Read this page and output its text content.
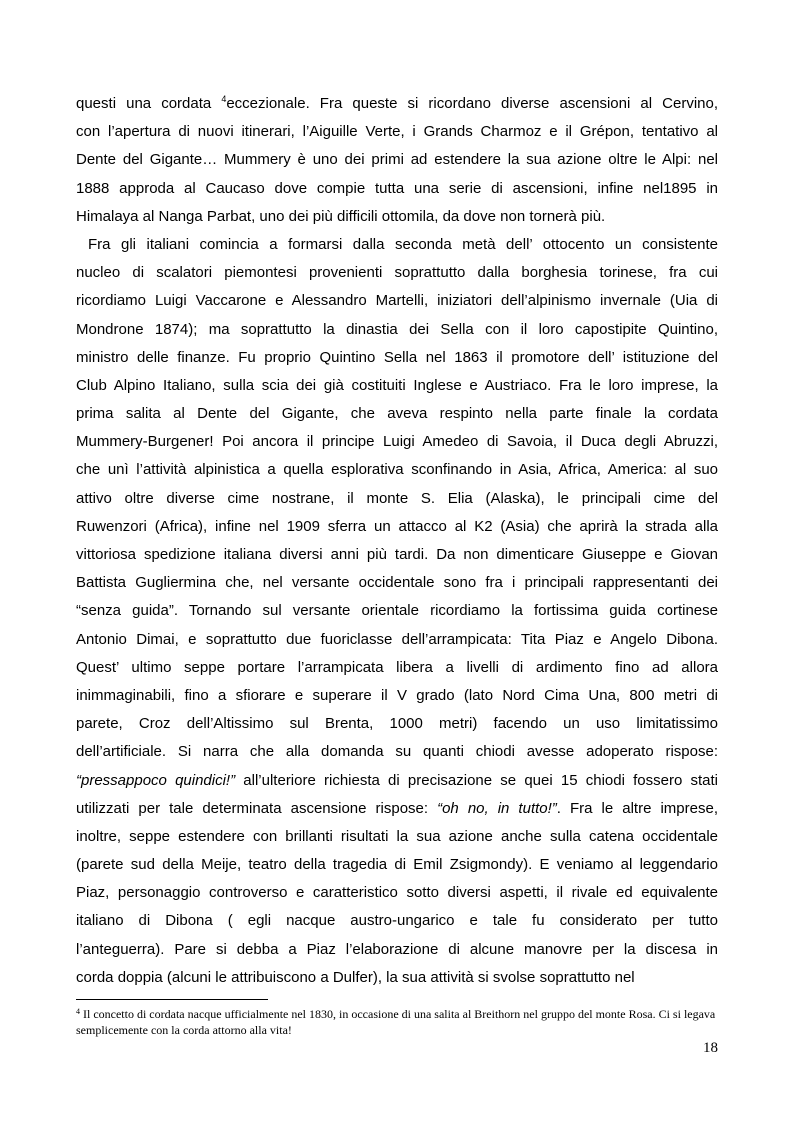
questi una cordata $^4$eccezionale. Fra queste si ricordano diverse ascensioni al Cervino,
con l’apertura di nuovi itinerari, l’Aiguille Verte, i Grands Charmoz e il Grépon, tentativo al
Dente del Gigante… Mummery è uno dei primi ad estendere la sua azione oltre le Alpi: nel
1888 approda al Caucaso dove compie tutta una serie di ascensioni, infine nel1895 in
Himalaya al Nanga Parbat, uno dei più difficili ottomila, da dove non tornerà più.
Fra gli italiani comincia a formarsi dalla seconda metà dell’ ottocento un consistente
nucleo di scalatori piemontesi provenienti soprattutto dalla borghesia torinese, fra cui
ricordiamo Luigi Vaccarone e Alessandro Martelli, iniziatori dell’alpinismo invernale (Uia di
Mondrone 1874); ma soprattutto la dinastia dei Sella con il loro capostipite Quintino,
ministro delle finanze. Fu proprio Quintino Sella nel 1863 il promotore dell’ istituzione del
Club Alpino Italiano, sulla scia dei già costituiti Inglese e Austriaco. Fra le loro imprese, la
prima salita al Dente del Gigante, che aveva respinto nella parte finale la cordata
Mummery-Burgener! Poi ancora il principe Luigi Amedeo di Savoia, il Duca degli Abruzzi,
che unì l’attività alpinistica a quella esplorativa sconfinando in Asia, Africa, America: al suo
attivo oltre diverse cime nostrane, il monte S. Elia (Alaska), le principali cime del
Ruwenzori (Africa), infine nel 1909 sferra un attacco al K2 (Asia) che aprirà la strada alla
vittoriosa spedizione italiana diversi anni più tardi. Da non dimenticare Giuseppe e Giovan
Battista Gugliermina che, nel versante occidentale sono fra i principali rappresentanti dei
“senza guida”. Tornando sul versante orientale ricordiamo la fortissima guida cortinese
Antonio Dimai, e soprattutto due fuoriclasse dell’arrampicata: Tita Piaz e Angelo Dibona.
Quest’ ultimo seppe portare l’arrampicata libera a livelli di ardimento fino ad allora
inimmaginabili, fino a sfiorare e superare il V grado (lato Nord Cima Una, 800 metri di
parete, Croz dell’Altissimo sul Brenta, 1000 metri) facendo un uso limitatissimo
dell’artificiale. Si narra che alla domanda su quanti chiodi avesse adoperato rispose:
“pressappoco quindici!” all’ulteriore richiesta di precisazione se quei 15 chiodi fossero stati
utilizzati per tale determinata ascensione rispose: “oh no, in tutto!”. Fra le altre imprese,
inoltre, seppe estendere con brillanti risultati la sua azione anche sulla catena occidentale
(parete sud della Meije, teatro della tragedia di Emil Zsigmondy). E veniamo al leggendario
Piaz, personaggio controverso e caratteristico sotto diversi aspetti, il rivale ed equivalente
italiano di Dibona ( egli nacque austro-ungarico e tale fu considerato per tutto
l’anteguerra). Pare si debba a Piaz l’elaborazione di alcune manovre per la discesa in
corda doppia (alcuni le attribuiscono a Dulfer), la sua attività si svolse soprattutto nel
$^4$ Il concetto di cordata nacque ufficialmente nel 1830, in occasione di una salita al Breithorn nel gruppo del monte Rosa. Ci si legava semplicemente con la corda attorno alla vita!
18
